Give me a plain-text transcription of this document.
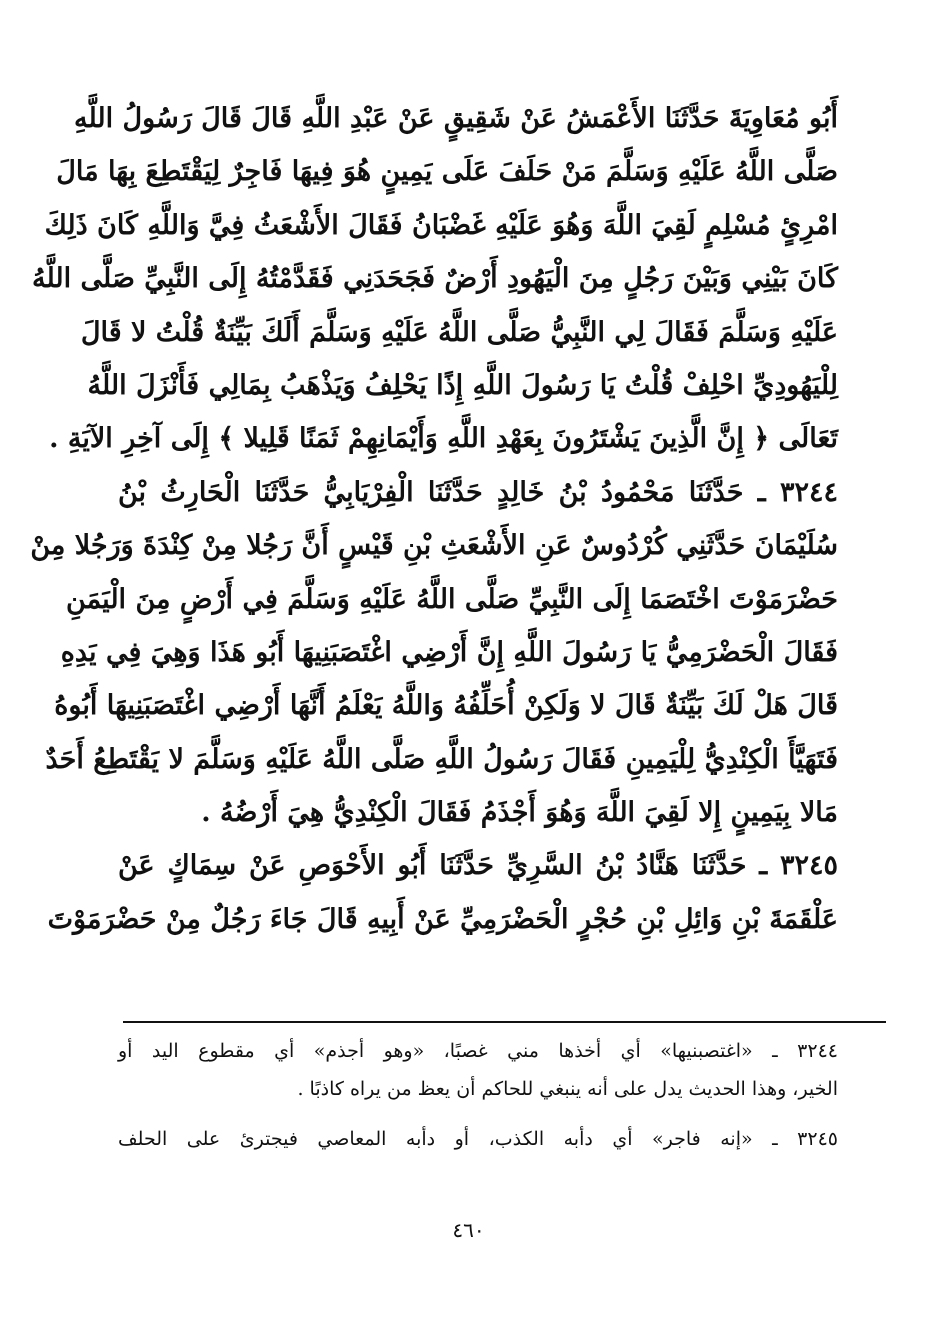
أَبُو مُعَاوِيَةَ حَدَّثَنَا الأَعْمَشُ عَنْ شَقِيقٍ عَنْ عَبْدِ اللَّهِ قَالَ قَالَ رَسُولُ اللَّهِ
صَلَّى اللَّهُ عَلَيْهِ وَسَلَّمَ مَنْ حَلَفَ عَلَى يَمِينٍ هُوَ فِيهَا فَاجِرٌ لِيَقْتَطِعَ بِهَا مَالَ
امْرِئٍ مُسْلِمٍ لَقِيَ اللَّهَ وَهُوَ عَلَيْهِ غَضْبَانُ فَقَالَ الأَشْعَثُ فِيَّ وَاللَّهِ كَانَ ذَلِكَ
كَانَ بَيْنِي وَبَيْنَ رَجُلٍ مِنَ الْيَهُودِ أَرْضٌ فَجَحَدَنِي فَقَدَّمْتُهُ إِلَى النَّبِيِّ صَلَّى اللَّهُ
عَلَيْهِ وَسَلَّمَ فَقَالَ لِي النَّبِيُّ صَلَّى اللَّهُ عَلَيْهِ وَسَلَّمَ أَلَكَ بَيِّنَةٌ قُلْتُ لا قَالَ
لِلْيَهُودِيِّ احْلِفْ قُلْتُ يَا رَسُولَ اللَّهِ إِذًا يَحْلِفُ وَيَذْهَبُ بِمَالِي فَأَنْزَلَ اللَّهُ
تَعَالَى ﴿ إِنَّ الَّذِينَ يَشْتَرُونَ بِعَهْدِ اللَّهِ وَأَيْمَانِهِمْ ثَمَنًا قَلِيلا ﴾ إِلَى آخِرِ الآيَةِ .
٣٢٤٤ ـ حَدَّثَنَا مَحْمُودُ بْنُ خَالِدٍ حَدَّثَنَا الْفِرْيَابِيُّ حَدَّثَنَا الْحَارِثُ بْنُ
سُلَيْمَانَ حَدَّثَنِي كُرْدُوسٌ عَنِ الأَشْعَثِ بْنِ قَيْسٍ أَنَّ رَجُلا مِنْ كِنْدَةَ وَرَجُلا مِنْ
حَضْرَمَوْتَ اخْتَصَمَا إِلَى النَّبِيِّ صَلَّى اللَّهُ عَلَيْهِ وَسَلَّمَ فِي أَرْضٍ مِنَ الْيَمَنِ
فَقَالَ الْحَضْرَمِيُّ يَا رَسُولَ اللَّهِ إِنَّ أَرْضِي اغْتَصَبَنِيهَا أَبُو هَذَا وَهِيَ فِي يَدِهِ
قَالَ هَلْ لَكَ بَيِّنَةٌ قَالَ لا وَلَكِنْ أُحَلِّفُهُ وَاللَّهُ يَعْلَمُ أَنَّهَا أَرْضِي اغْتَصَبَنِيهَا أَبُوهُ
فَتَهَيَّأَ الْكِنْدِيُّ لِلْيَمِينِ فَقَالَ رَسُولُ اللَّهِ صَلَّى اللَّهُ عَلَيْهِ وَسَلَّمَ لا يَقْتَطِعُ أَحَدٌ
مَالا بِيَمِينٍ إِلا لَقِيَ اللَّهَ وَهُوَ أَجْذَمُ فَقَالَ الْكِنْدِيُّ هِيَ أَرْضُهُ .
٣٢٤٥ ـ حَدَّثَنَا هَنَّادُ بْنُ السَّرِيِّ حَدَّثَنَا أَبُو الأَحْوَصِ عَنْ سِمَاكٍ عَنْ
عَلْقَمَةَ بْنِ وَائِلِ بْنِ حُجْرٍ الْحَضْرَمِيِّ عَنْ أَبِيهِ قَالَ جَاءَ رَجُلٌ مِنْ حَضْرَمَوْتَ
٣٢٤٤ ـ «اغتصبنيها» أي أخذها مني غصبًا، «وهو أجذم» أي مقطوع اليد أو
الخير، وهذا الحديث يدل على أنه ينبغي للحاكم أن يعظ من يراه كاذبًا .
٣٢٤٥ ـ «إنه فاجر» أي دأبه الكذب، أو دأبه المعاصي فيجترئ على الحلف
٤٦٠
